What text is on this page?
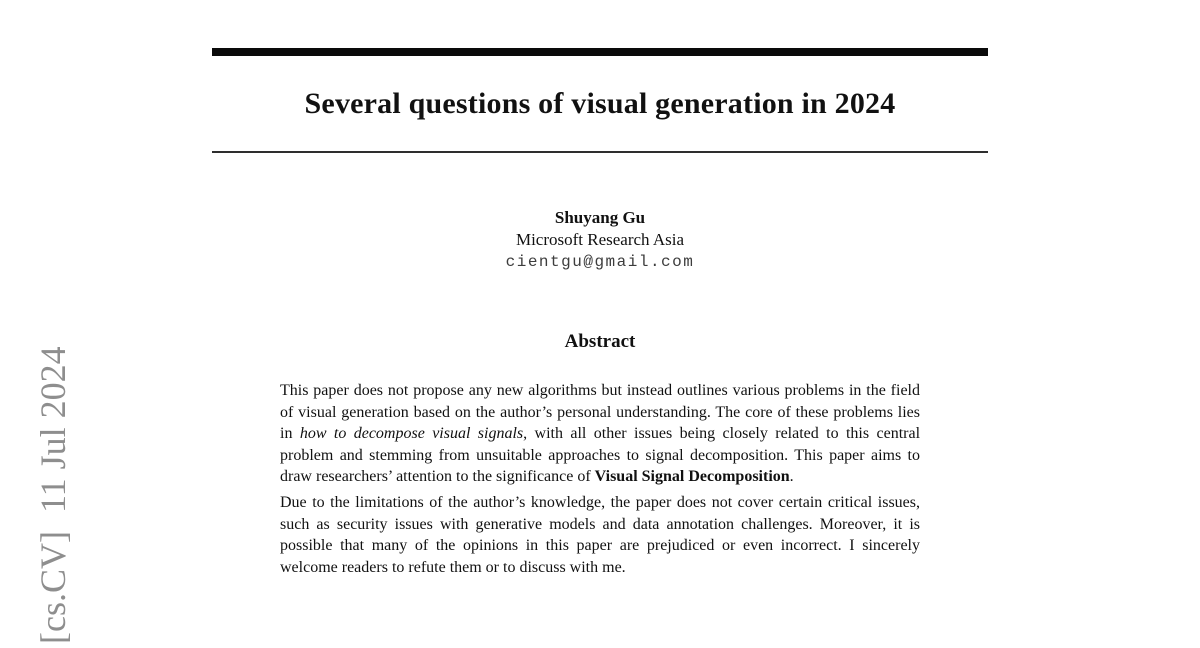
[cs.CV]  11 Jul 2024
Several questions of visual generation in 2024
Shuyang Gu
Microsoft Research Asia
cientgu@gmail.com
Abstract

This paper does not propose any new algorithms but instead outlines various problems in the field of visual generation based on the author’s personal understanding. The core of these problems lies in how to decompose visual signals, with all other issues being closely related to this central problem and stemming from unsuitable approaches to signal decomposition. This paper aims to draw researchers’ attention to the significance of Visual Signal Decomposition.

Due to the limitations of the author’s knowledge, the paper does not cover certain critical issues, such as security issues with generative models and data annotation challenges. Moreover, it is possible that many of the opinions in this paper are prejudiced or even incorrect. I sincerely welcome readers to refute them or to discuss with me.
